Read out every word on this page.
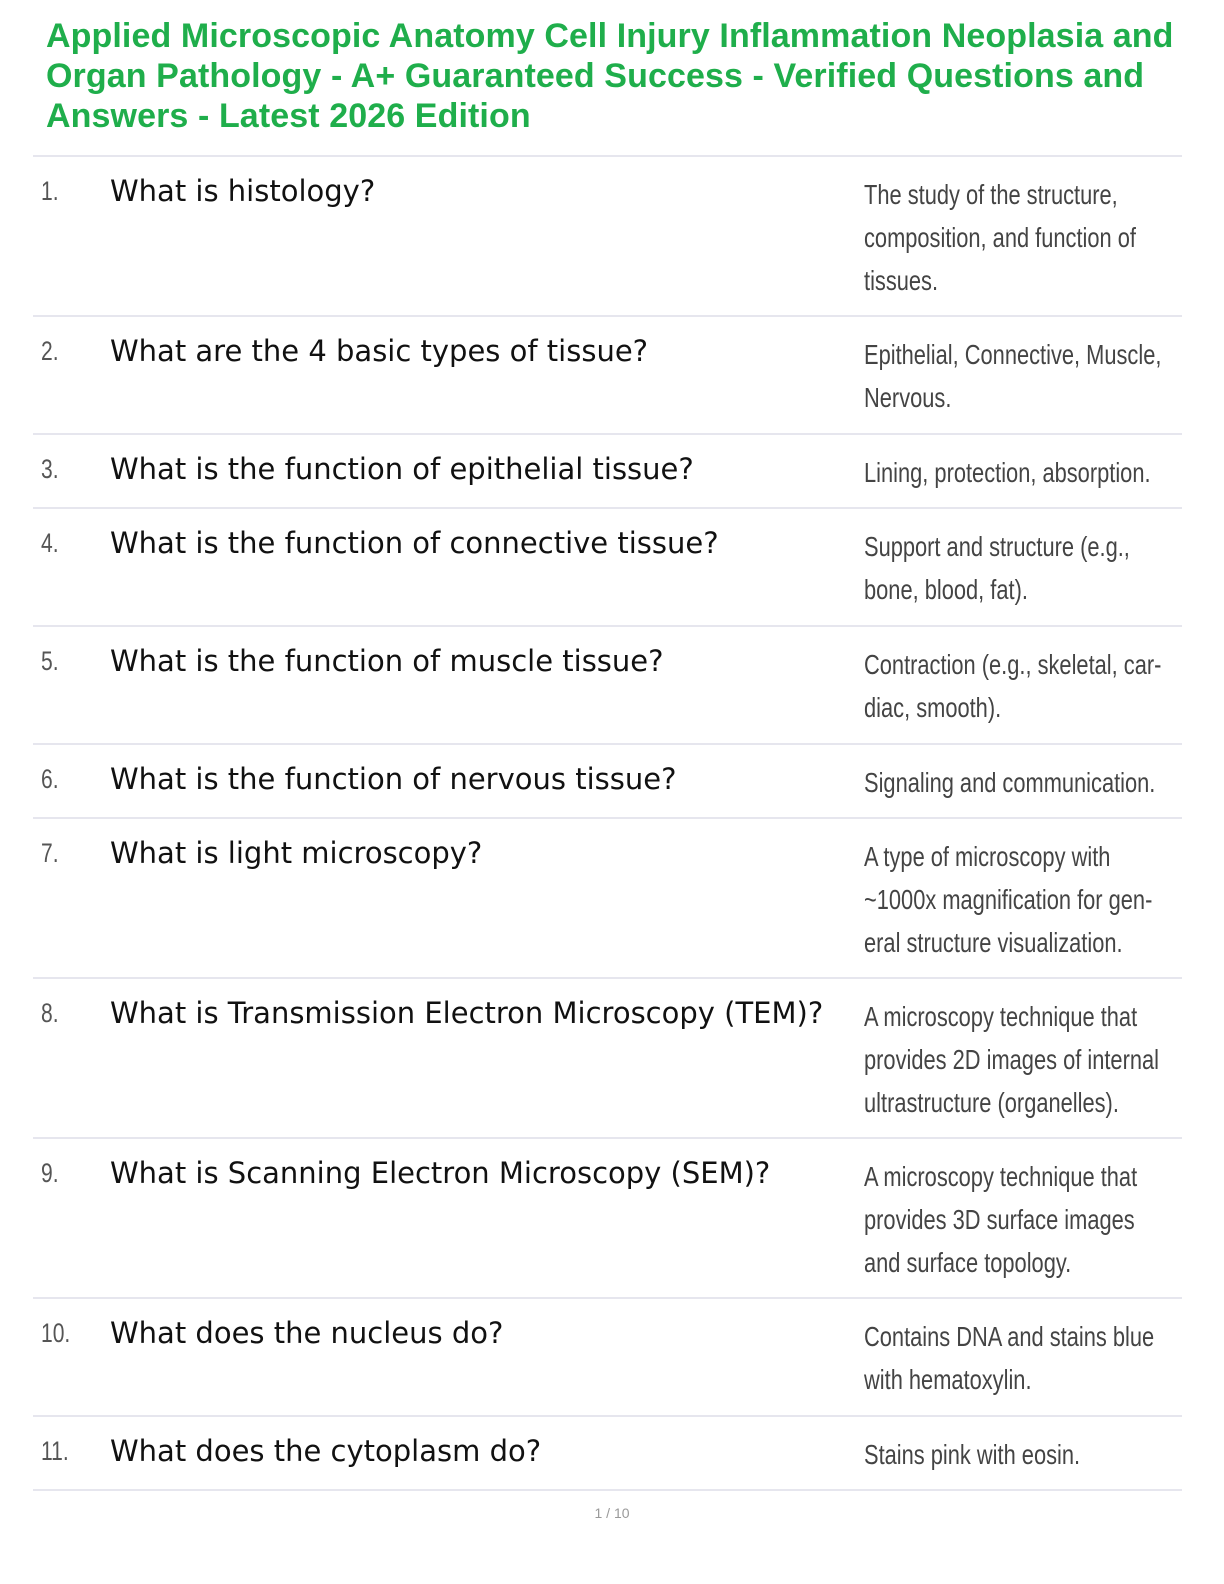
Applied Microscopic Anatomy Cell Injury Inflammation Neoplasia and Organ Pathology - A+ Guaranteed Success - Verified Questions and Answers - Latest 2026 Edition
1. What is histology?	The study of the structure, composition, and function of tissues.
2. What are the 4 basic types of tissue?	Epithelial, Connective, Muscle, Nervous.
3. What is the function of epithelial tissue?	Lining, protection, absorption.
4. What is the function of connective tissue?	Support and structure (e.g., bone, blood, fat).
5. What is the function of muscle tissue?	Contraction (e.g., skeletal, car-diac, smooth).
6. What is the function of nervous tissue?	Signaling and communication.
7. What is light microscopy?	A type of microscopy with ~1000x magnification for gen-eral structure visualization.
8. What is Transmission Electron Microscopy (TEM)?	A microscopy technique that provides 2D images of internal ultrastructure (organelles).
9. What is Scanning Electron Microscopy (SEM)?	A microscopy technique that provides 3D surface images and surface topology.
10. What does the nucleus do?	Contains DNA and stains blue with hematoxylin.
11. What does the cytoplasm do?	Stains pink with eosin.
1 / 10
